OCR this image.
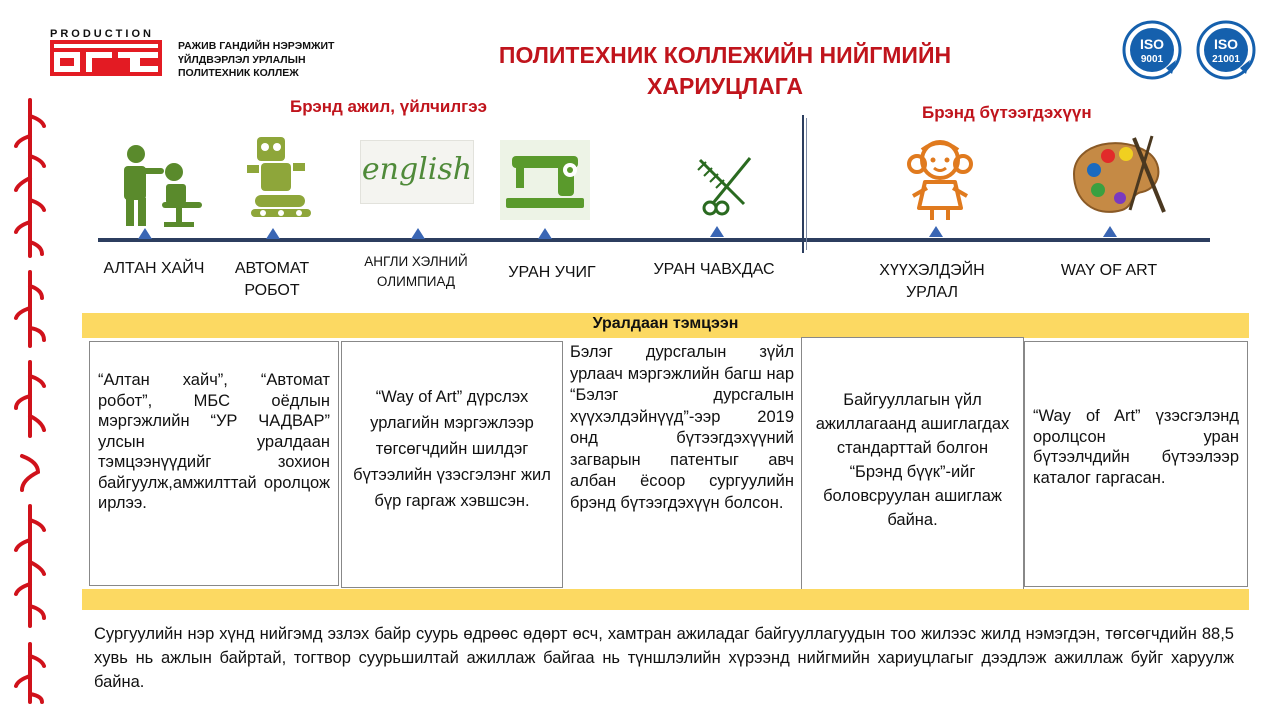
PRODUCTION
РАЖИВ ГАНДИЙН НЭРЭМЖИТ
ҮЙЛДВЭРЛЭЛ УРЛАЛЫН
ПОЛИТЕХНИК КОЛЛЕЖ
ПОЛИТЕХНИК КОЛЛЕЖИЙН НИЙГМИЙН
ХАРИУЦЛАГА
ISO
9001
ISO
21001
Брэнд ажил, үйлчилгээ	Брэнд бүтээгдэхүүн
english
АЛТАН ХАЙЧ	АВТОМАТ РОБОТ
АНГЛИ ХЭЛНИЙ ОЛИМПИАД
УРАН УЧИГ	УРАН ЧАВХДАС	ХҮҮХЭЛДЭЙН УРЛАЛ
WAY OF ART
Уралдаан тэмцээн

“Алтан хайч”, “Автомат робот”, МБС оёдлын мэргэжлийн “УР ЧАДВАР” улсын уралдаан тэмцээнүүдийг зохион байгуулж,амжилттай оролцож ирлээ.

“Way of Art” дүрслэх урлагийн мэргэжлээр төгсөгчдийн шилдэг бүтээлийн үзэсгэлэнг жил бүр гаргаж хэвшсэн.

Бэлэг дурсгалын зүйл урлаач мэргэжлийн багш нар “Бэлэг дурсгалын хүүхэлдэйнүүд”-ээр 2019 онд бүтээгдэхүүний загварын патентыг авч албан ёсоор сургуулийн брэнд бүтээгдэхүүн болсон.

Байгууллагын үйл ажиллагаанд ашиглагдах стандарттай болгон “Брэнд бүүк”-ийг боловсруулан ашиглаж байна.

“Way of Art” үзэсгэлэнд оролцсон уран бүтээлчдийн бүтээлээр каталог гаргасан.

Сургуулийн нэр хүнд нийгэмд эзлэх байр суурь өдрөөс өдөрт өсч, хамтран ажиладаг байгууллагуудын тоо жилээс жилд нэмэгдэн, төгсөгчдийн 88,5 хувь нь ажлын байртай, тогтвор суурьшилтай ажиллаж байгаа нь түншлэлийн хүрээнд нийгмийн хариуцлагыг дээдлэж ажиллаж буйг харуулж байна.
